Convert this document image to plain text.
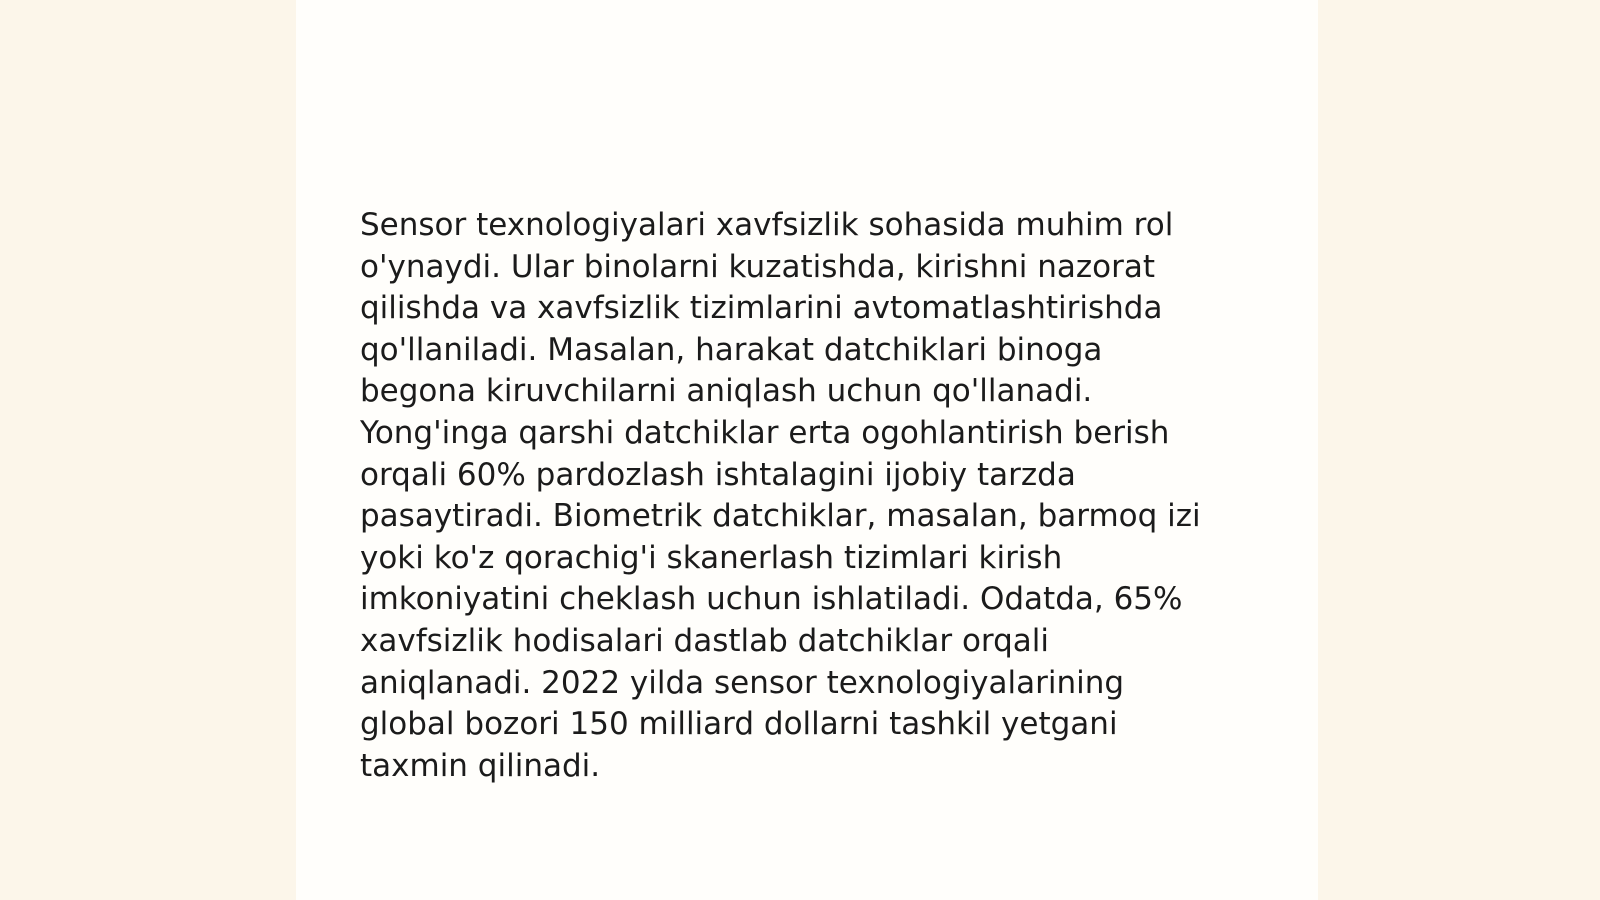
Sensor texnologiyalari xavfsizlik sohasida muhim rol
o'ynaydi. Ular binolarni kuzatishda, kirishni nazorat
qilishda va xavfsizlik tizimlarini avtomatlashtirishda
qo'llaniladi. Masalan, harakat datchiklari binoga
begona kiruvchilarni aniqlash uchun qo'llanadi.
Yong'inga qarshi datchiklar erta ogohlantirish berish
orqali 60% pardozlash ishtalagini ijobiy tarzda
pasaytiradi. Biometrik datchiklar, masalan, barmoq izi
yoki ko'z qorachig'i skanerlash tizimlari kirish
imkoniyatini cheklash uchun ishlatiladi. Odatda, 65%
xavfsizlik hodisalari dastlab datchiklar orqali
aniqlanadi. 2022 yilda sensor texnologiyalarining
global bozori 150 milliard dollarni tashkil yetgani
taxmin qilinadi.
